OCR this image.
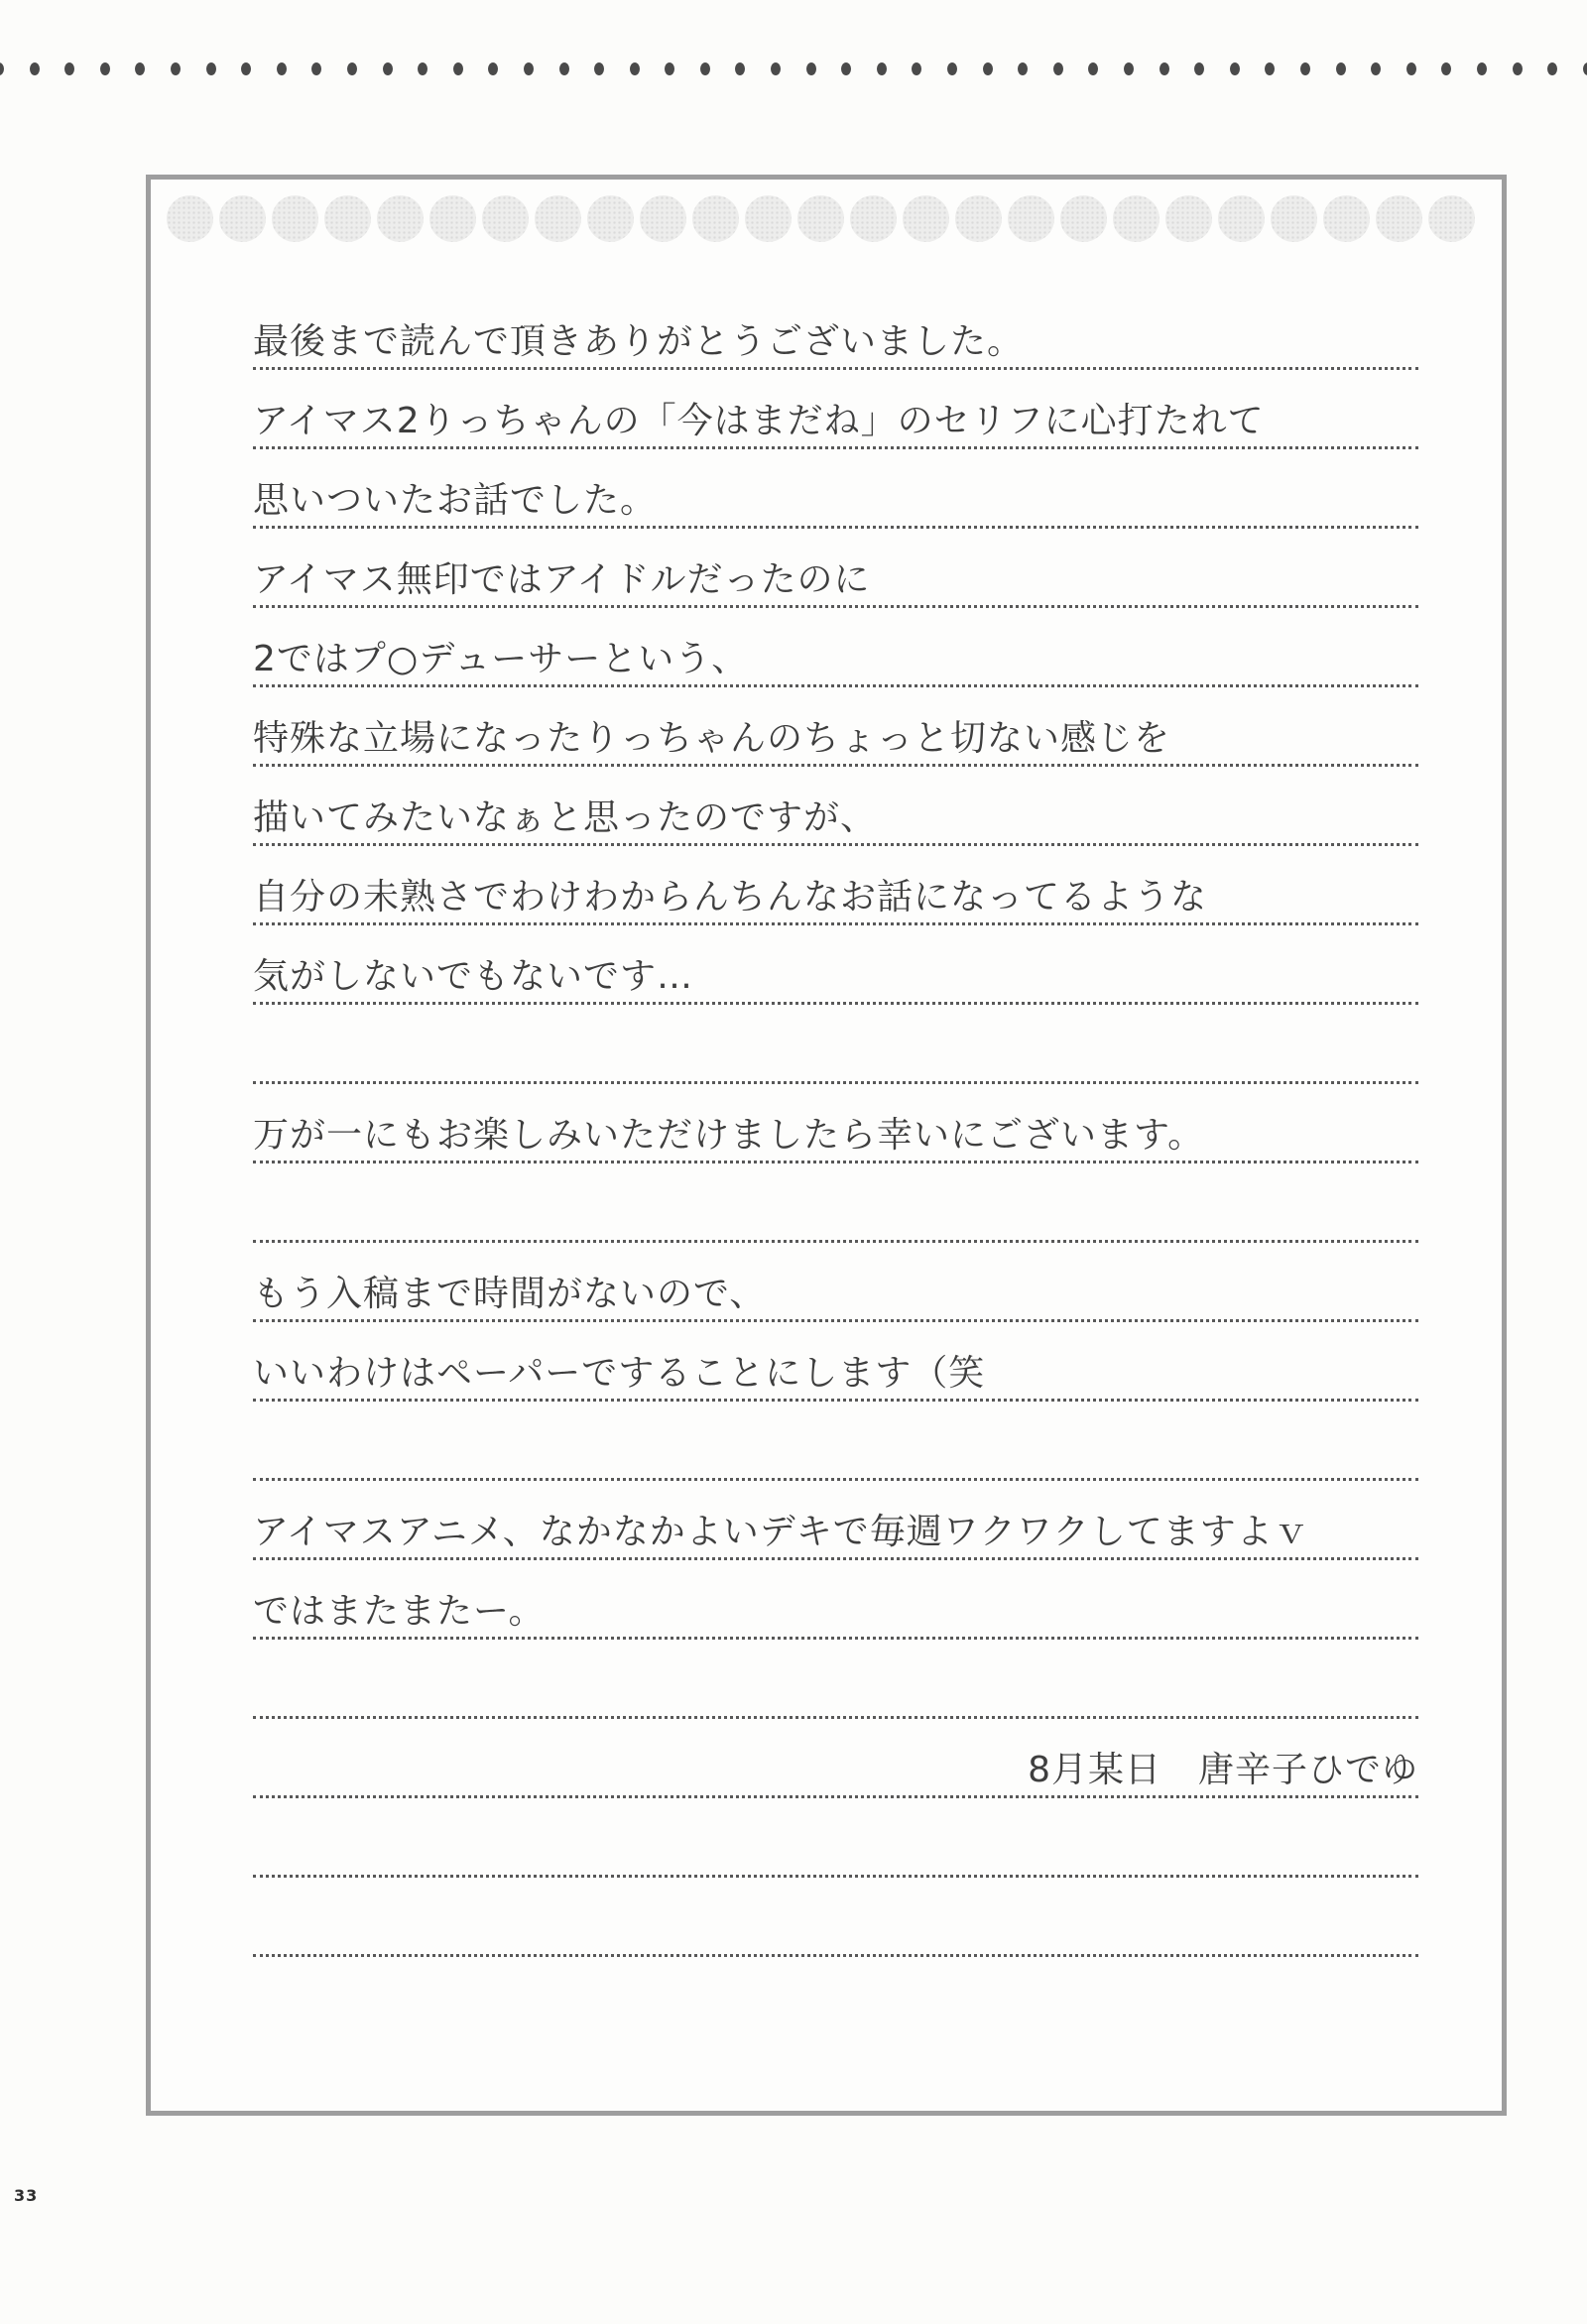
最後まで読んで頂きありがとうございました。
アイマス2りっちゃんの「今はまだね」のセリフに心打たれて
思いついたお話でした。
アイマス無印ではアイドルだったのに
2ではプ○デューサーという、
特殊な立場になったりっちゃんのちょっと切ない感じを
描いてみたいなぁと思ったのですが、
自分の未熟さでわけわからんちんなお話になってるような
気がしないでもないです…
万が一にもお楽しみいただけましたら幸いにございます。
もう入稿まで時間がないので、
いいわけはペーパーですることにします（笑
アイマスアニメ、なかなかよいデキで毎週ワクワクしてますよｖ
ではまたまたー。
8月某日　唐辛子ひでゆ
33
